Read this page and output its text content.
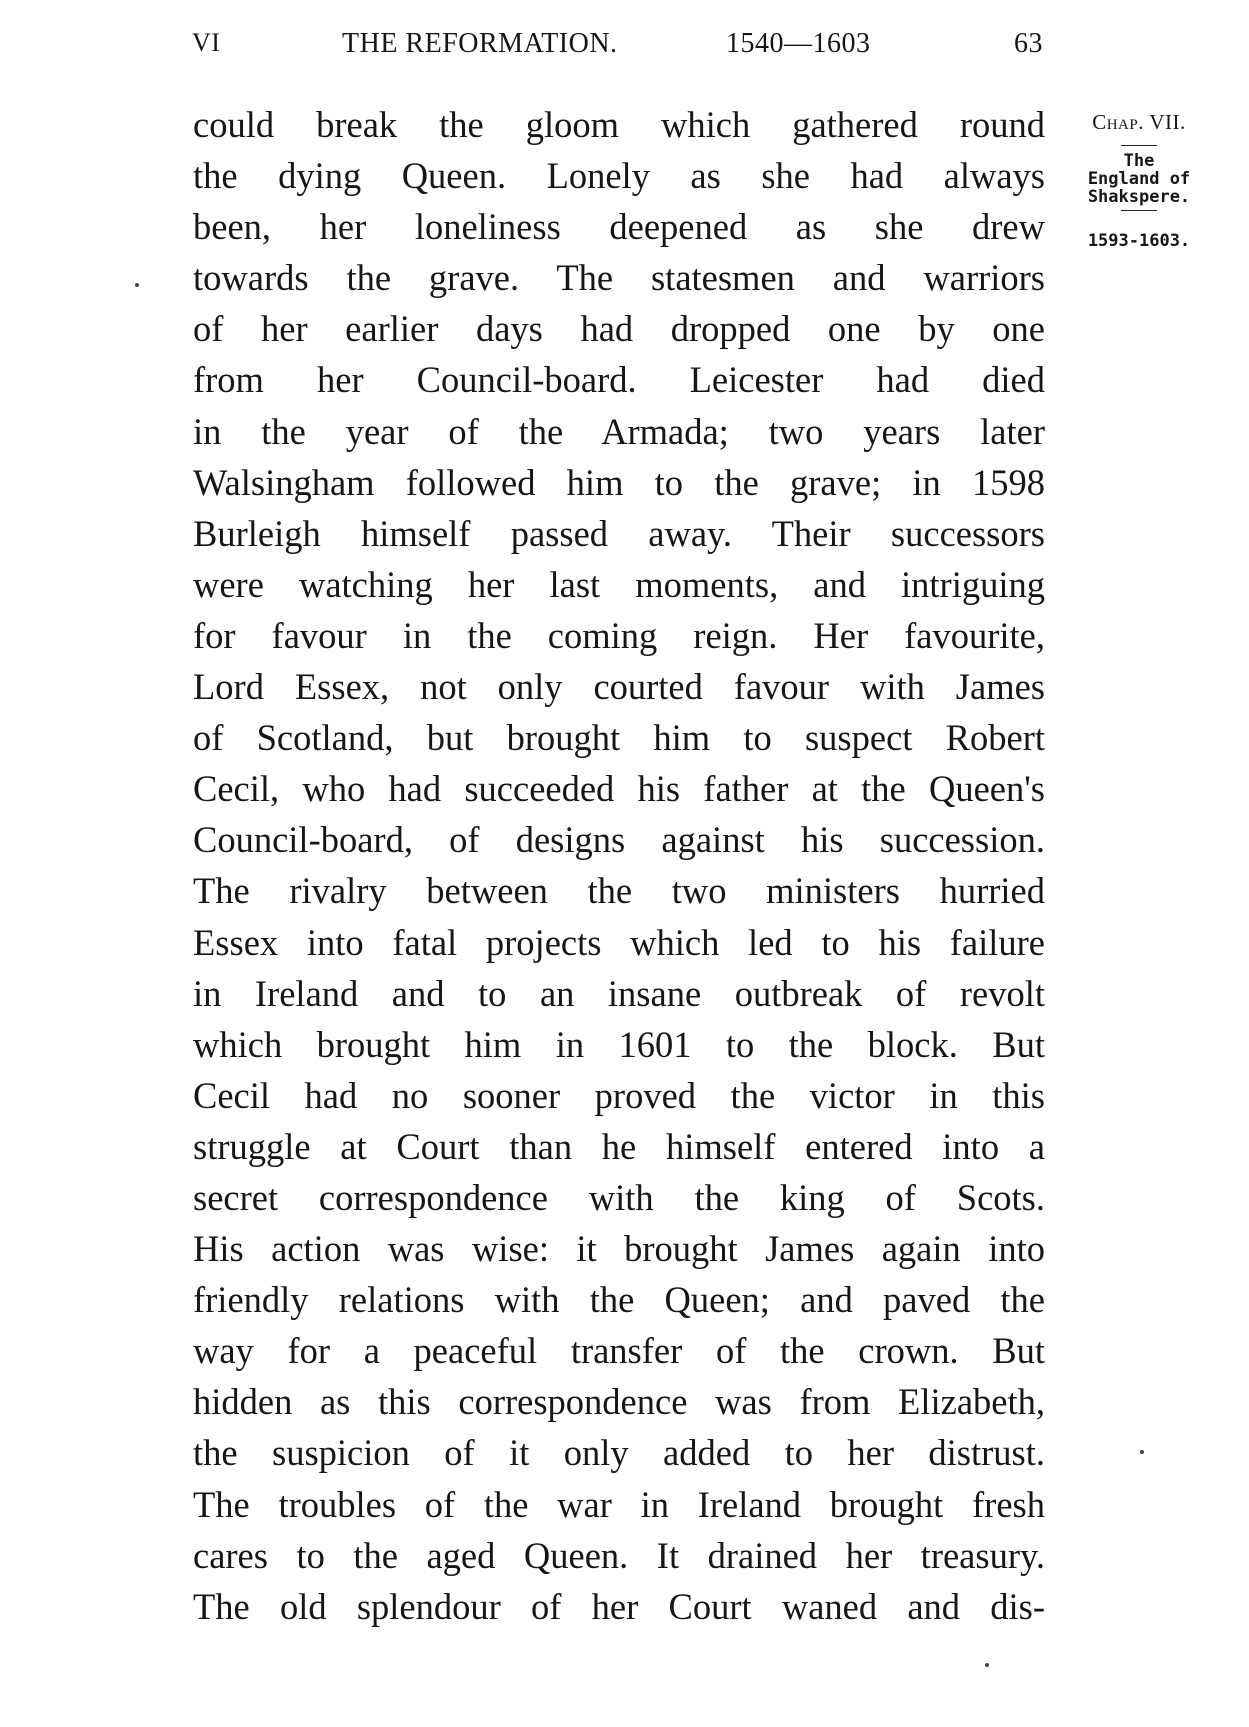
VI	THE REFORMATION.	1540—1603	63
could break the gloom which gathered round
the dying Queen. Lonely as she had always
been, her loneliness deepened as she drew
towards the grave. The statesmen and warriors
of her earlier days had dropped one by one
from her Council-board. Leicester had died
in the year of the Armada; two years later
Walsingham followed him to the grave; in 1598
Burleigh himself passed away. Their successors
were watching her last moments, and intriguing
for favour in the coming reign. Her favourite,
Lord Essex, not only courted favour with James
of Scotland, but brought him to suspect Robert
Cecil, who had succeeded his father at the Queen's
Council-board, of designs against his succession.
The rivalry between the two ministers hurried
Essex into fatal projects which led to his failure
in Ireland and to an insane outbreak of revolt
which brought him in 1601 to the block. But
Cecil had no sooner proved the victor in this
struggle at Court than he himself entered into a
secret correspondence with the king of Scots.
His action was wise: it brought James again into
friendly relations with the Queen; and paved the
way for a peaceful transfer of the crown. But
hidden as this correspondence was from Elizabeth,
the suspicion of it only added to her distrust.
The troubles of the war in Ireland brought fresh
cares to the aged Queen. It drained her treasury.
The old splendour of her Court waned and dis-
Chap. VII.
The
England of
Shakspere.
1593-1603.
